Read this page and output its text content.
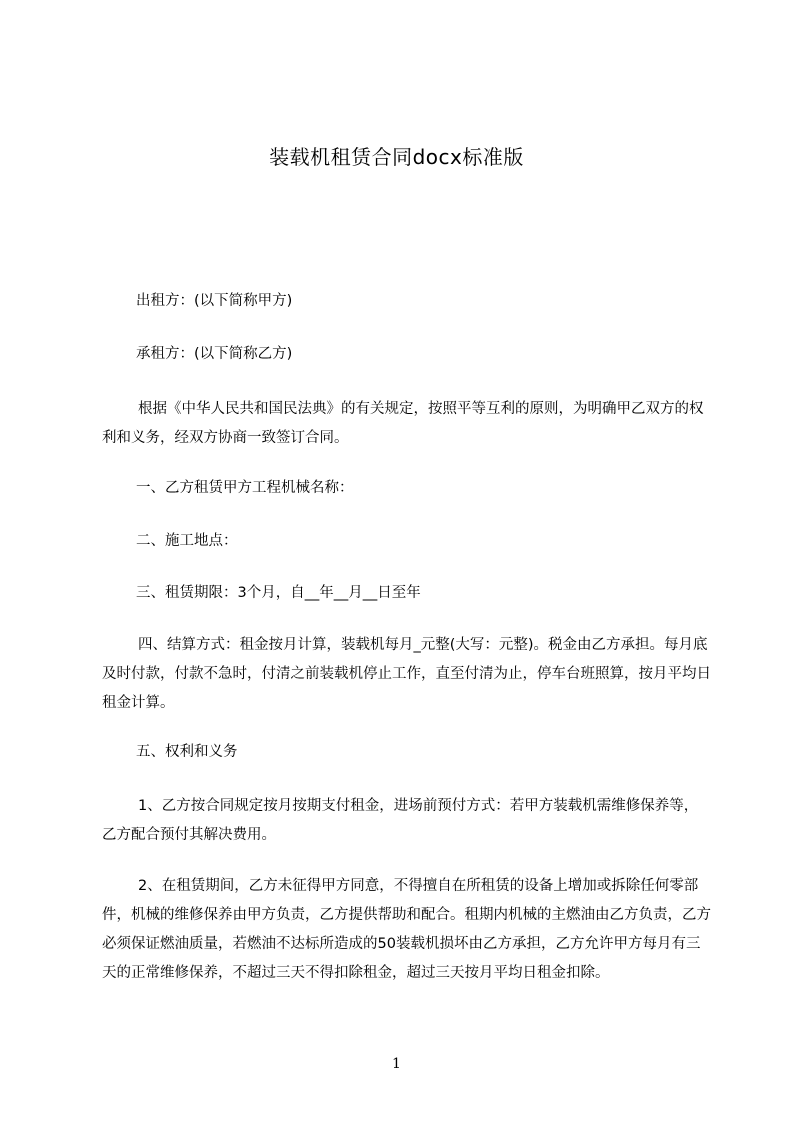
装载机租赁合同docx标准版

出租方：(以下简称甲方)

承租方：(以下简称乙方)

根据《中华人民共和国民法典》的有关规定，按照平等互利的原则，为明确甲乙双方的权利和义务，经双方协商一致签订合同。

一、乙方租赁甲方工程机械名称：

二、施工地点：

三、租赁期限：3个月，自__年__月__日至年

四、结算方式：租金按月计算，装载机每月_元整(大写：元整)。税金由乙方承担。每月底及时付款，付款不急时，付清之前装载机停止工作，直至付清为止，停车台班照算，按月平均日租金计算。

五、权利和义务

1、乙方按合同规定按月按期支付租金，进场前预付方式：若甲方装载机需维修保养等，乙方配合预付其解决费用。

2、在租赁期间，乙方未征得甲方同意，不得擅自在所租赁的设备上增加或拆除任何零部件，机械的维修保养由甲方负责，乙方提供帮助和配合。租期内机械的主燃油由乙方负责，乙方必须保证燃油质量，若燃油不达标所造成的50装载机损坏由乙方承担，乙方允许甲方每月有三天的正常维修保养，不超过三天不得扣除租金，超过三天按月平均日租金扣除。

1
